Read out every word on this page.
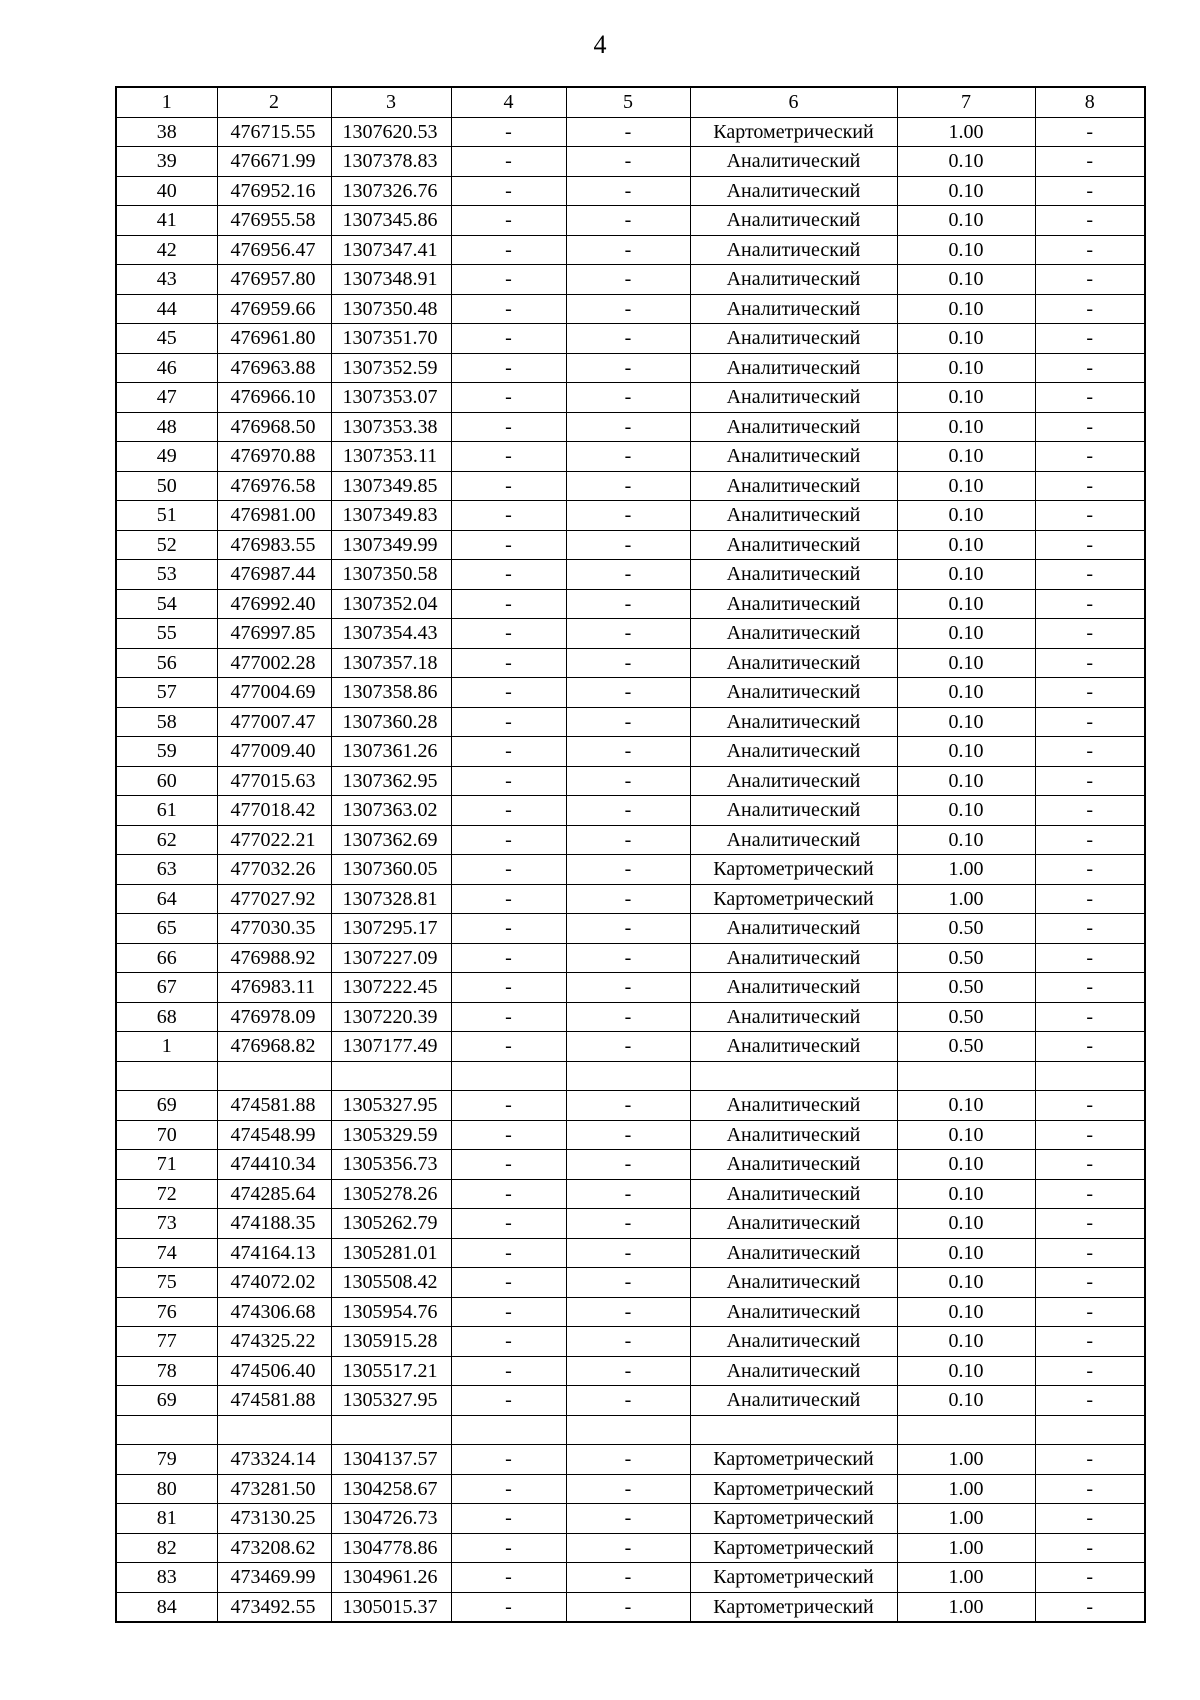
4
1	2	3	4	5	6	7	8
38	476715.55	1307620.53	-	-	Картометрический	1.00	-
39	476671.99	1307378.83	-	-	Аналитический	0.10	-
40	476952.16	1307326.76	-	-	Аналитический	0.10	-
41	476955.58	1307345.86	-	-	Аналитический	0.10	-
42	476956.47	1307347.41	-	-	Аналитический	0.10	-
43	476957.80	1307348.91	-	-	Аналитический	0.10	-
44	476959.66	1307350.48	-	-	Аналитический	0.10	-
45	476961.80	1307351.70	-	-	Аналитический	0.10	-
46	476963.88	1307352.59	-	-	Аналитический	0.10	-
47	476966.10	1307353.07	-	-	Аналитический	0.10	-
48	476968.50	1307353.38	-	-	Аналитический	0.10	-
49	476970.88	1307353.11	-	-	Аналитический	0.10	-
50	476976.58	1307349.85	-	-	Аналитический	0.10	-
51	476981.00	1307349.83	-	-	Аналитический	0.10	-
52	476983.55	1307349.99	-	-	Аналитический	0.10	-
53	476987.44	1307350.58	-	-	Аналитический	0.10	-
54	476992.40	1307352.04	-	-	Аналитический	0.10	-
55	476997.85	1307354.43	-	-	Аналитический	0.10	-
56	477002.28	1307357.18	-	-	Аналитический	0.10	-
57	477004.69	1307358.86	-	-	Аналитический	0.10	-
58	477007.47	1307360.28	-	-	Аналитический	0.10	-
59	477009.40	1307361.26	-	-	Аналитический	0.10	-
60	477015.63	1307362.95	-	-	Аналитический	0.10	-
61	477018.42	1307363.02	-	-	Аналитический	0.10	-
62	477022.21	1307362.69	-	-	Аналитический	0.10	-
63	477032.26	1307360.05	-	-	Картометрический	1.00	-
64	477027.92	1307328.81	-	-	Картометрический	1.00	-
65	477030.35	1307295.17	-	-	Аналитический	0.50	-
66	476988.92	1307227.09	-	-	Аналитический	0.50	-
67	476983.11	1307222.45	-	-	Аналитический	0.50	-
68	476978.09	1307220.39	-	-	Аналитический	0.50	-
1	476968.82	1307177.49	-	-	Аналитический	0.50	-

69	474581.88	1305327.95	-	-	Аналитический	0.10	-
70	474548.99	1305329.59	-	-	Аналитический	0.10	-
71	474410.34	1305356.73	-	-	Аналитический	0.10	-
72	474285.64	1305278.26	-	-	Аналитический	0.10	-
73	474188.35	1305262.79	-	-	Аналитический	0.10	-
74	474164.13	1305281.01	-	-	Аналитический	0.10	-
75	474072.02	1305508.42	-	-	Аналитический	0.10	-
76	474306.68	1305954.76	-	-	Аналитический	0.10	-
77	474325.22	1305915.28	-	-	Аналитический	0.10	-
78	474506.40	1305517.21	-	-	Аналитический	0.10	-
69	474581.88	1305327.95	-	-	Аналитический	0.10	-

79	473324.14	1304137.57	-	-	Картометрический	1.00	-
80	473281.50	1304258.67	-	-	Картометрический	1.00	-
81	473130.25	1304726.73	-	-	Картометрический	1.00	-
82	473208.62	1304778.86	-	-	Картометрический	1.00	-
83	473469.99	1304961.26	-	-	Картометрический	1.00	-
84	473492.55	1305015.37	-	-	Картометрический	1.00	-
